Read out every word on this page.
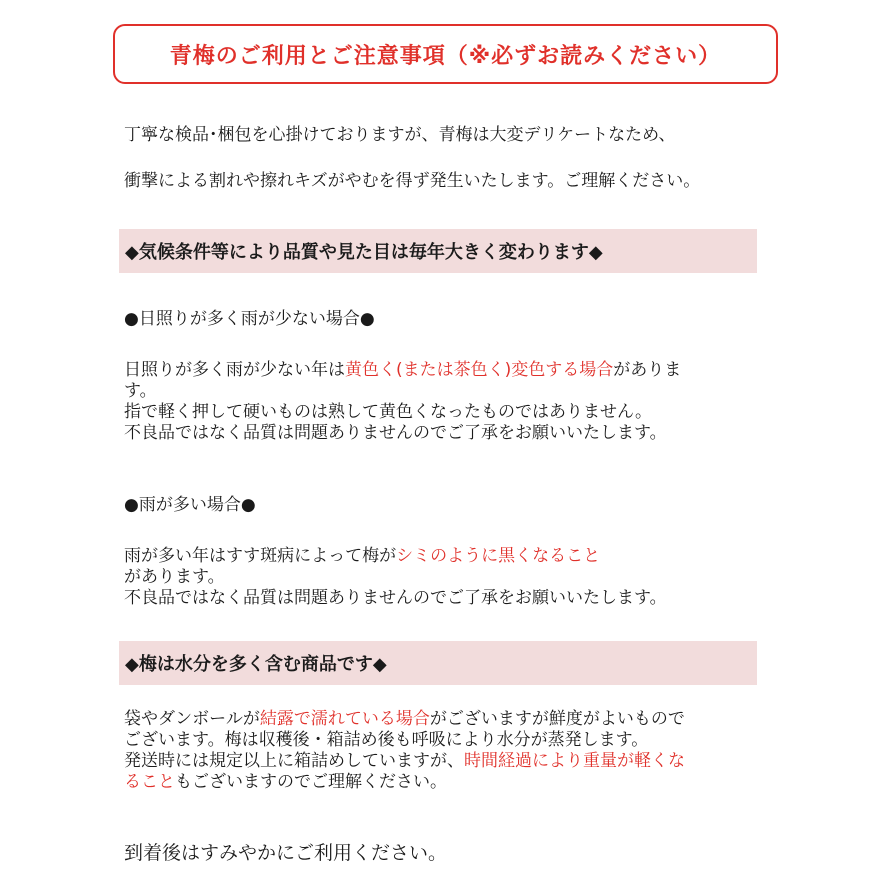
青梅のご利用とご注意事項（※必ずお読みください）
丁寧な検品･梱包を心掛けておりますが、青梅は大変デリケートなため、
衝撃による割れや擦れキズがやむを得ず発生いたします。ご理解ください。
◆気候条件等により品質や見た目は毎年大きく変わります◆
●日照りが多く雨が少ない場合●
日照りが多く雨が少ない年は黄色く(または茶色く)変色する場合がありま
す。
指で軽く押して硬いものは熟して黄色くなったものではありません。
不良品ではなく品質は問題ありませんのでご了承をお願いいたします。
●雨が多い場合●
雨が多い年はすす斑病によって梅がシミのように黒くなること
があります。
不良品ではなく品質は問題ありませんのでご了承をお願いいたします。
◆梅は水分を多く含む商品です◆
袋やダンボールが結露で濡れている場合がございますが鮮度がよいもので
ございます。梅は収穫後・箱詰め後も呼吸により水分が蒸発します。
発送時には規定以上に箱詰めしていますが、時間経過により重量が軽くな
ることもございますのでご理解ください。
到着後はすみやかにご利用ください。
